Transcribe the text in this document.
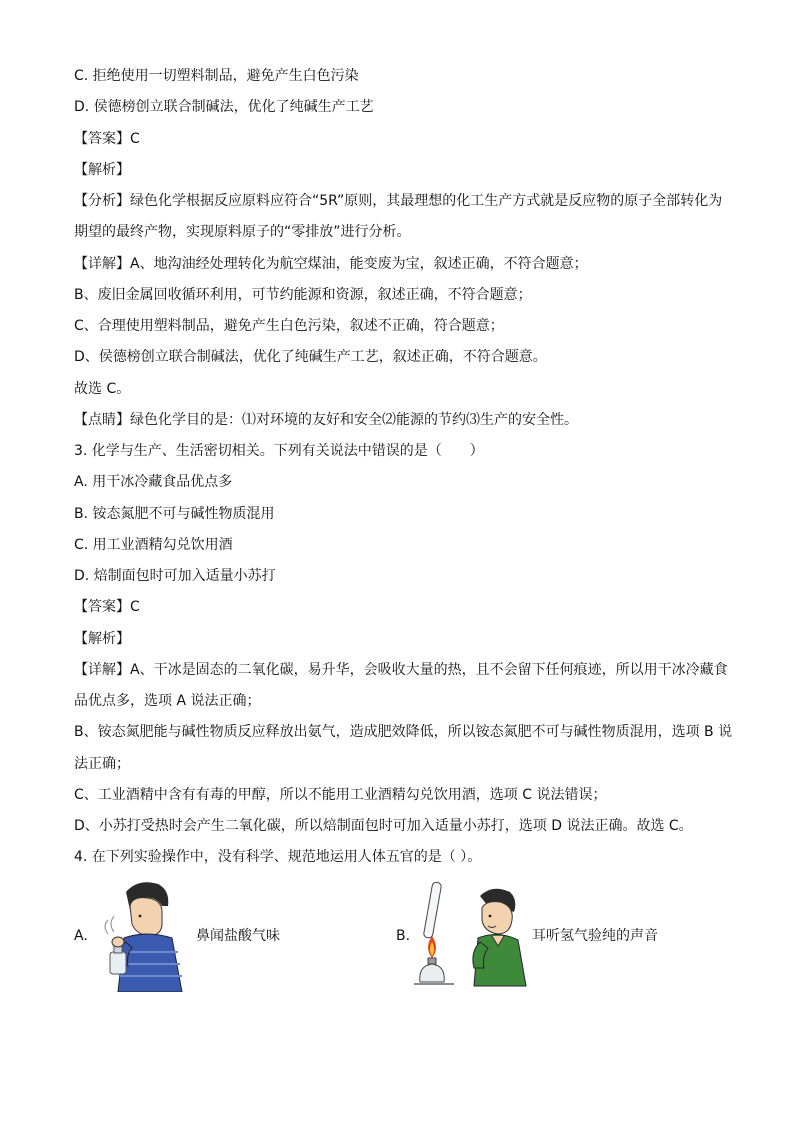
C. 拒绝使用一切塑料制品，避免产生白色污染
D. 侯德榜创立联合制碱法，优化了纯碱生产工艺
【答案】C
【解析】
【分析】绿色化学根据反应原料应符合“5R”原则，其最理想的化工生产方式就是反应物的原子全部转化为
期望的最终产物，实现原料原子的“零排放”进行分析。
【详解】A、地沟油经处理转化为航空煤油，能变废为宝，叙述正确，不符合题意；
B、废旧金属回收循环利用，可节约能源和资源，叙述正确，不符合题意；
C、合理使用塑料制品，避免产生白色污染，叙述不正确，符合题意；
D、侯德榜创立联合制碱法，优化了纯碱生产工艺，叙述正确，不符合题意。
故选 C。
【点睛】绿色化学目的是：⑴对环境的友好和安全⑵能源的节约⑶生产的安全性。
3. 化学与生产、生活密切相关。下列有关说法中错误的是（　　）
A. 用干冰冷藏食品优点多
B. 铵态氮肥不可与碱性物质混用
C. 用工业酒精勾兑饮用酒
D. 焙制面包时可加入适量小苏打
【答案】C
【解析】
【详解】A、干冰是固态的二氧化碳，易升华，会吸收大量的热，且不会留下任何痕迹，所以用干冰冷藏食
品优点多，选项 A 说法正确；
B、铵态氮肥能与碱性物质反应释放出氨气，造成肥效降低，所以铵态氮肥不可与碱性物质混用，选项 B 说
法正确；
C、工业酒精中含有有毒的甲醇，所以不能用工业酒精勾兑饮用酒，选项 C 说法错误；
D、小苏打受热时会产生二氧化碳，所以焙制面包时可加入适量小苏打，选项 D 说法正确。故选 C。
4. 在下列实验操作中，没有科学、规范地运用人体五官的是（ ）。
A.	鼻闻盐酸气味	B.	耳听氢气验纯的声音
